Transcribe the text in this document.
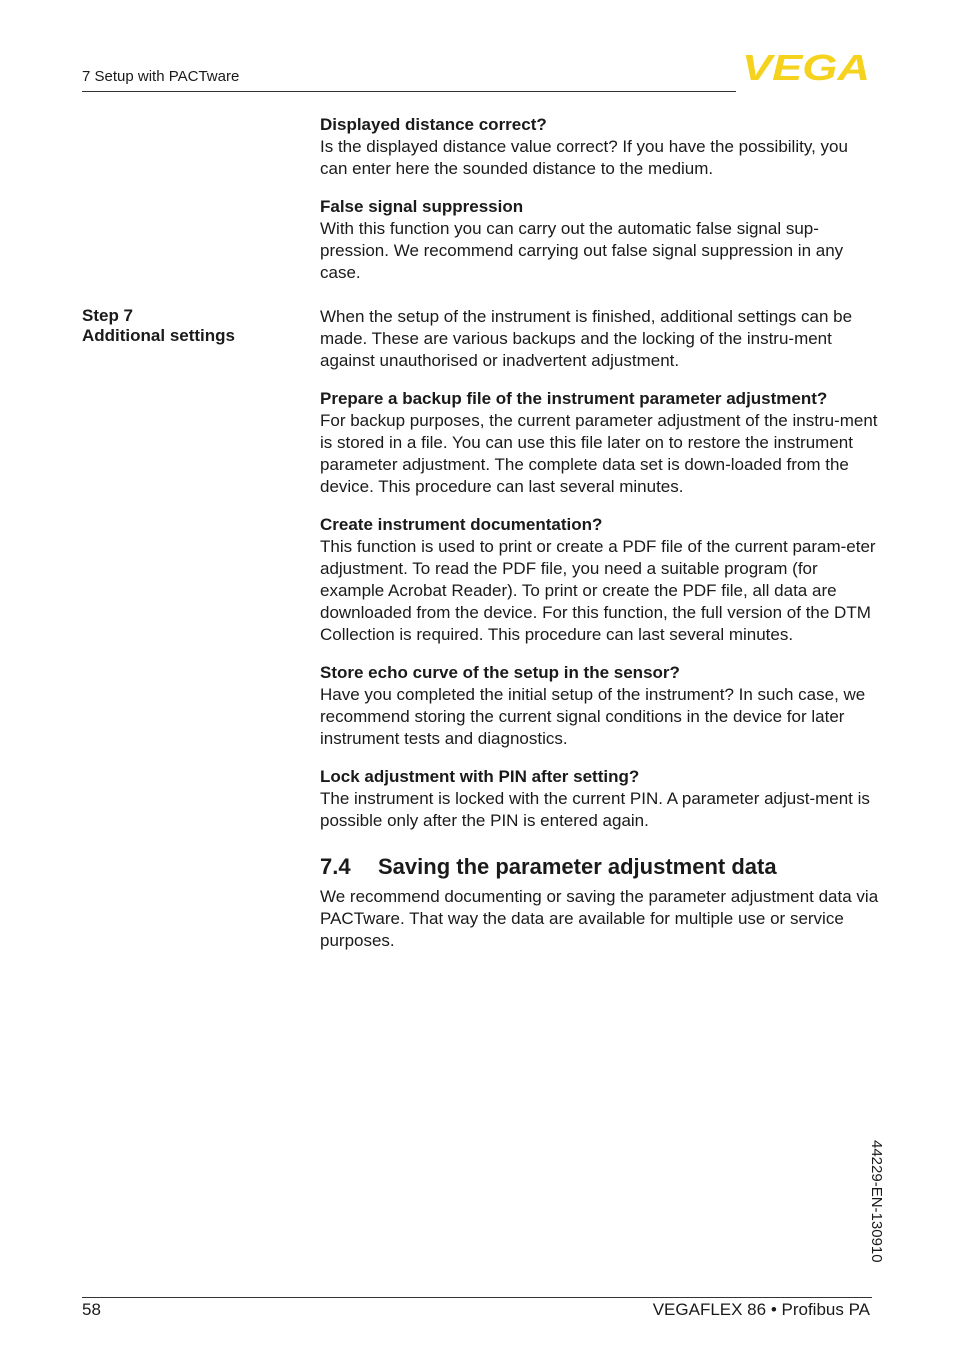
7 Setup with PACTware	VEGA
Step 7
Additional settings

Displayed distance correct?

Is the displayed distance value correct? If you have the possibility, you can enter here the sounded distance to the medium.

False signal suppression

With this function you can carry out the automatic false signal sup-pression. We recommend carrying out false signal suppression in any case.

When the setup of the instrument is finished, additional settings can be made. These are various backups and the locking of the instru-ment against unauthorised or inadvertent adjustment.

Prepare a backup file of the instrument parameter adjustment?

For backup purposes, the current parameter adjustment of the instru-ment is stored in a file. You can use this file later on to restore the instrument parameter adjustment. The complete data set is down-loaded from the device. This procedure can last several minutes.

Create instrument documentation?

This function is used to print or create a PDF file of the current param-eter adjustment. To read the PDF file, you need a suitable program (for example Acrobat Reader). To print or create the PDF file, all data are downloaded from the device. For this function, the full version of the DTM Collection is required. This procedure can last several minutes.

Store echo curve of the setup in the sensor?

Have you completed the initial setup of the instrument? In such case, we recommend storing the current signal conditions in the device for later instrument tests and diagnostics.

Lock adjustment with PIN after setting?

The instrument is locked with the current PIN. A parameter adjust-ment is possible only after the PIN is entered again.

7.4 Saving the parameter adjustment data

We recommend documenting or saving the parameter adjustment data via PACTware. That way the data are available for multiple use or service purposes.

44229-EN-130910
58	VEGAFLEX 86 • Profibus PA
